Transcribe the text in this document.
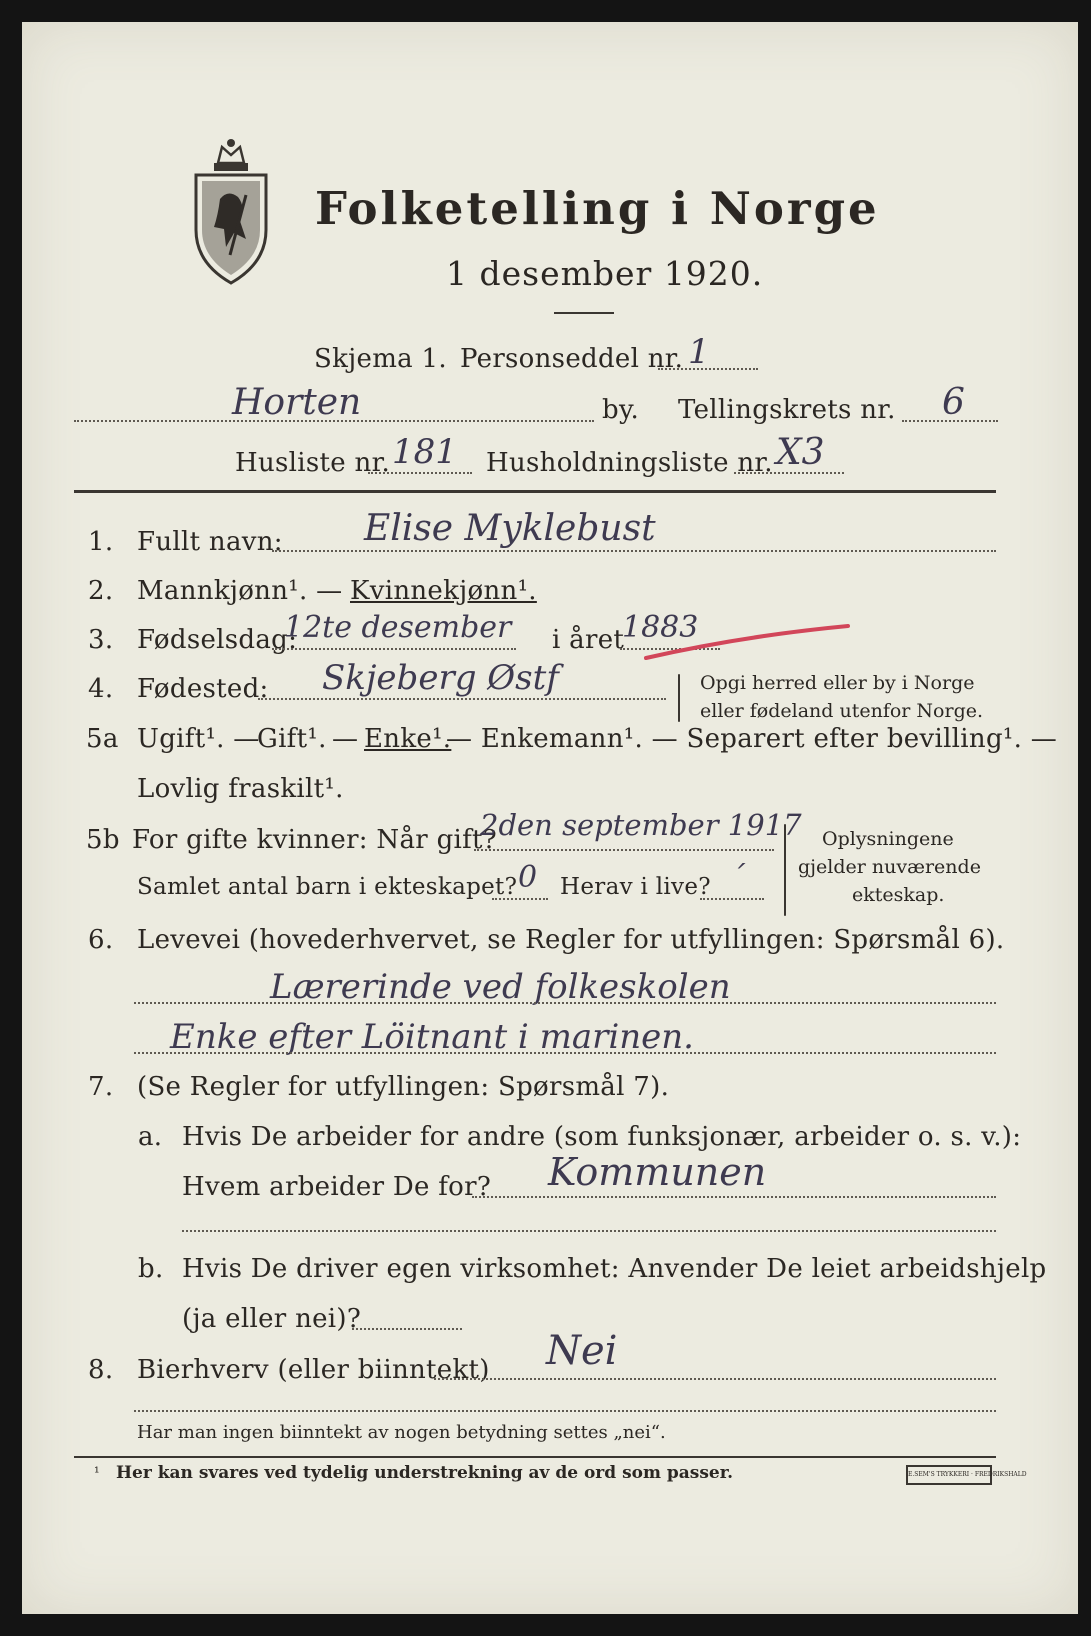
Folketelling i Norge
1 desember 1920.
Skjema 1. Personseddel nr. 1
Horten	by. Tellingskrets nr. 6
Husliste nr. 181 Husholdningsliste nr. X3
1. Fullt navn: Elise Myklebust
2. Mannkjønn¹. — Kvinnekjønn¹.
3. Fødselsdag:
12te desember i året
1883
4. Fødested: Skjeberg Østf	Opgi herred eller by i Norge
eller fødeland utenfor Norge.
5a Ugift¹. —
Gift¹. — Enke¹.
— Enkemann¹. — Separert efter bevilling¹. —
Lovlig fraskilt¹.
5b For gifte kvinner: Når gift?
2den september 1917
Samlet antal barn i ekteskapet? 0 Herav i live? ´
Oplysningene
gjelder nuværende
ekteskap.
6. Levevei (hovederhvervet, se Regler for utfyllingen: Spørsmål 6).
Lærerinde ved folkeskolen
Enke efter Löitnant i marinen.
7. (Se Regler for utfyllingen: Spørsmål 7).
a. Hvis De arbeider for andre (som funksjonær, arbeider o. s. v.):
Hvem arbeider De for? Kommunen
b. Hvis De driver egen virksomhet: Anvender De leiet arbeidshjelp
(ja eller nei)?
8. Bierhverv (eller biinntekt) Nei
Har man ingen biinntekt av nogen betydning settes „nei“.
¹ Her kan svares ved tydelig understrekning av de ord som passer.	E.SEM'S TRYKKERI · FREDRIKSHALD
